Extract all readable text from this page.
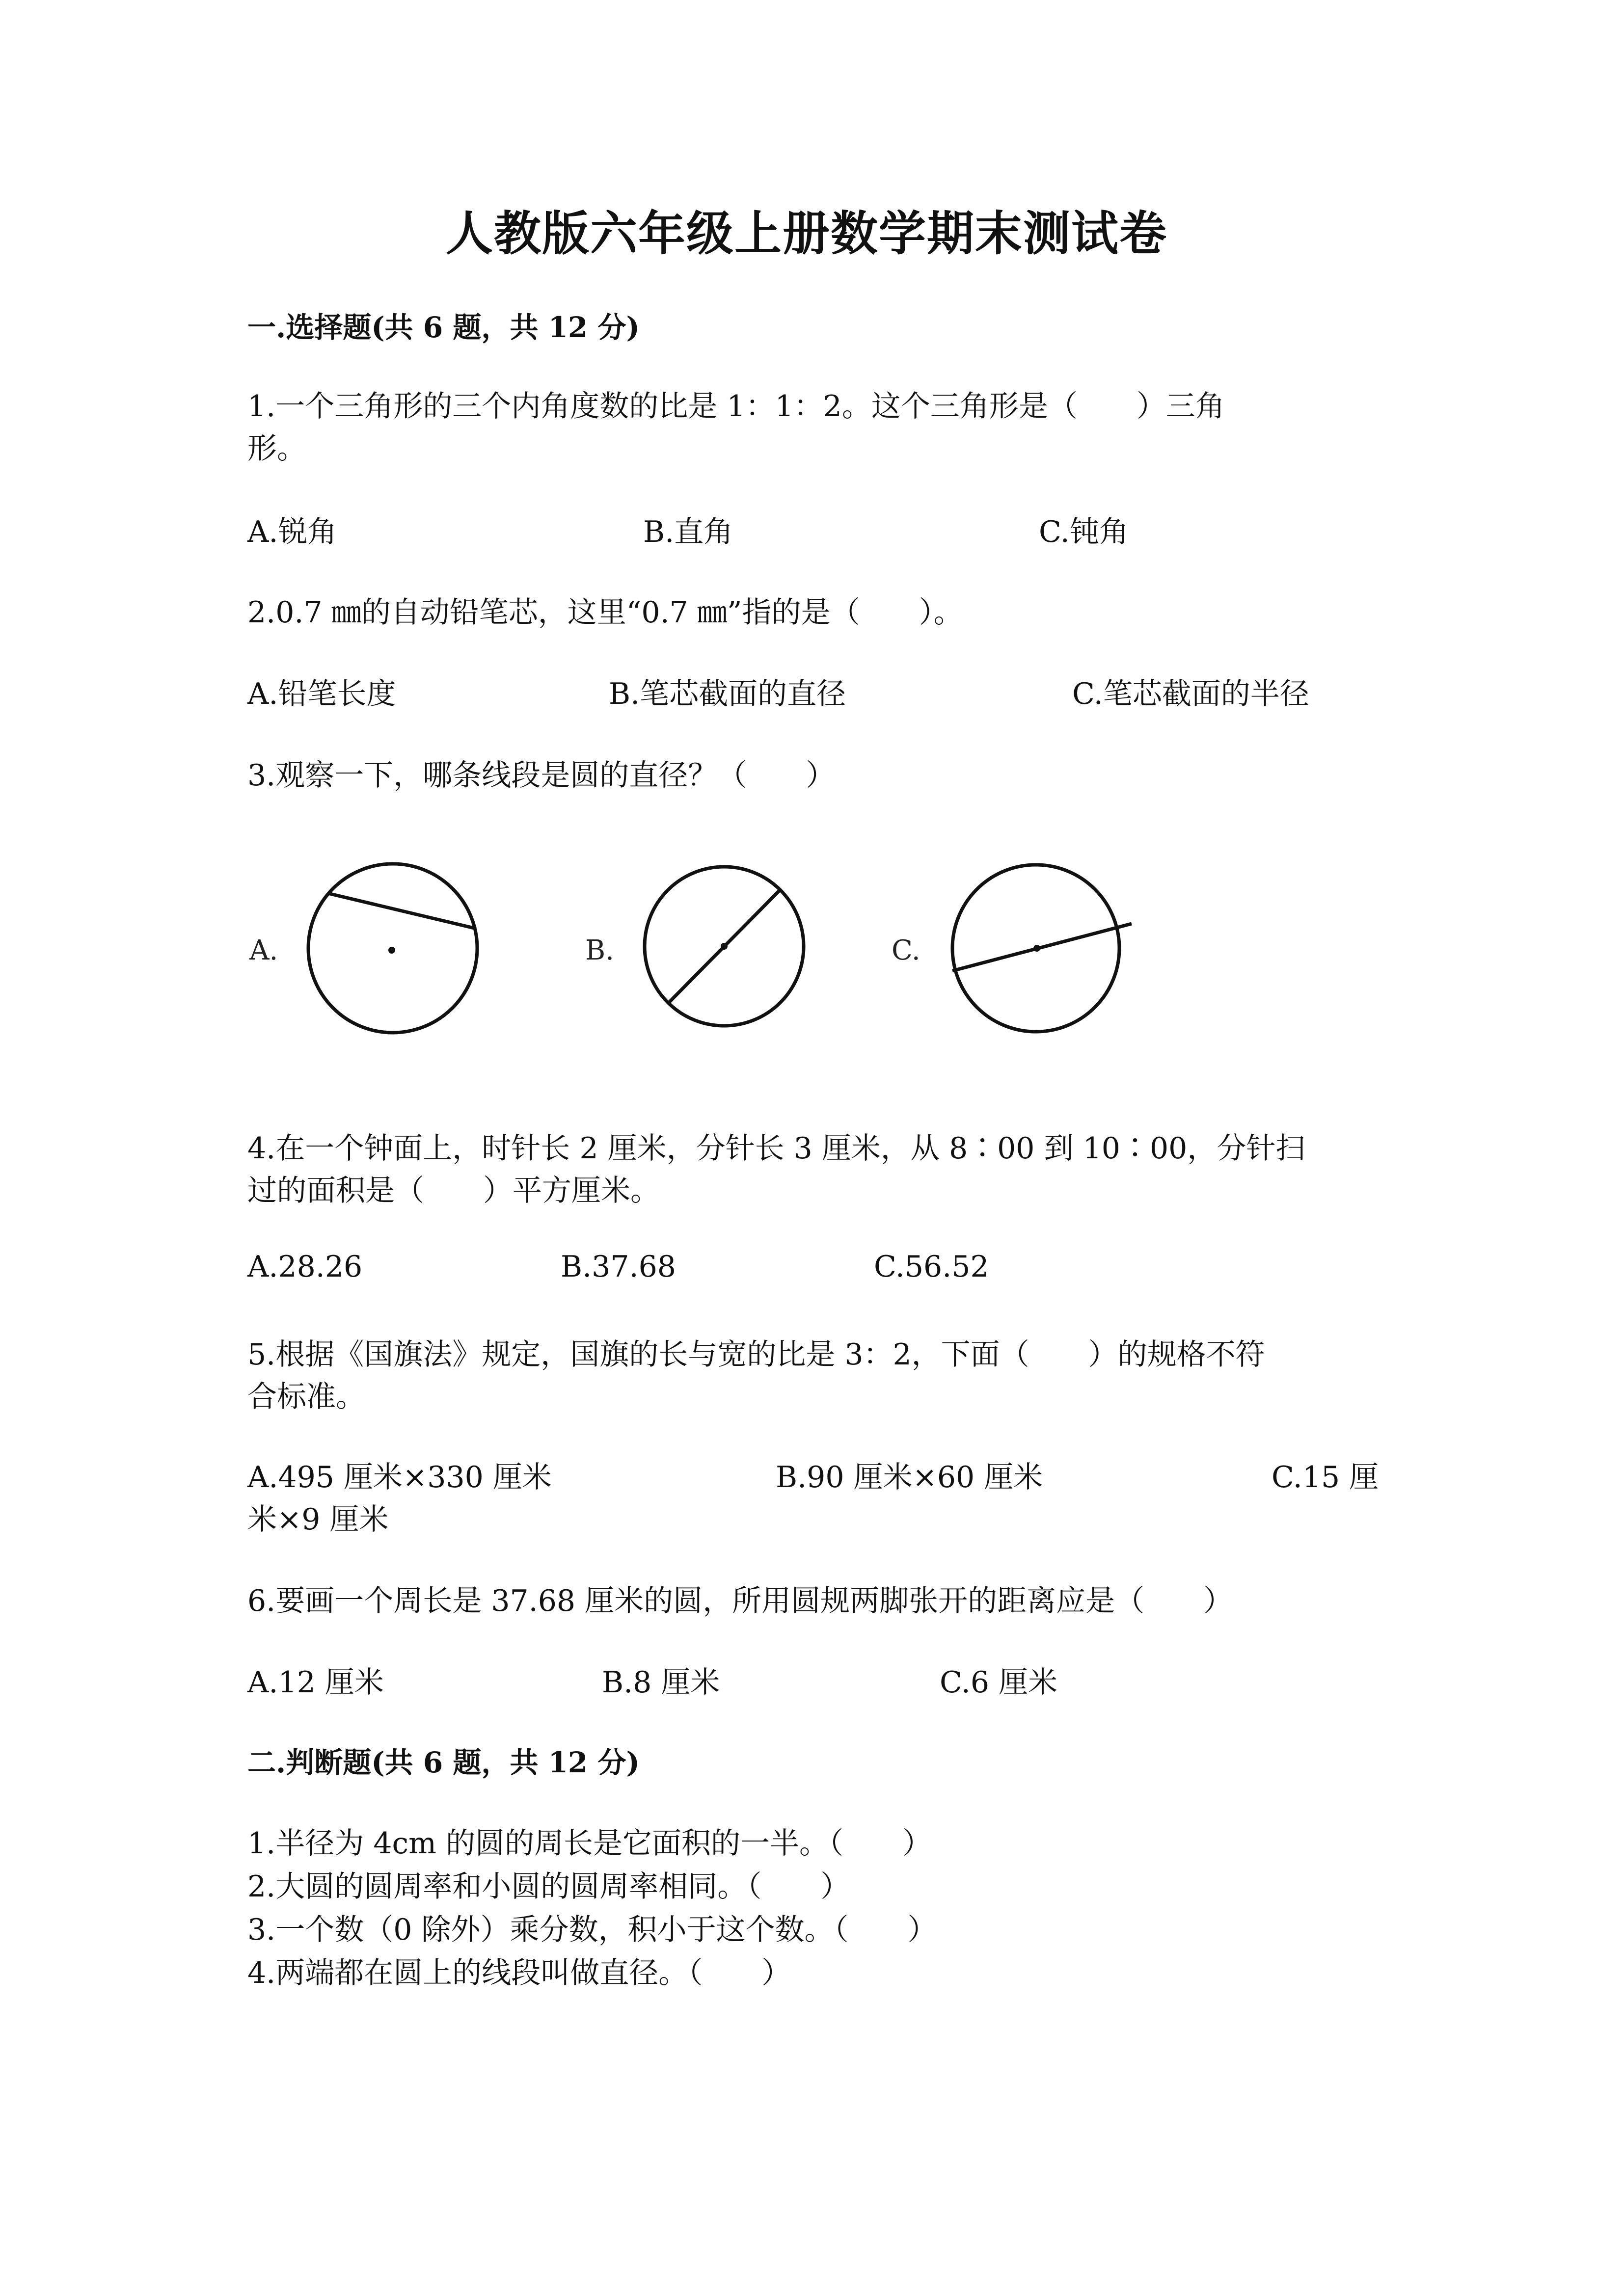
人教版六年级上册数学期末测试卷
一.选择题(共 6 题，共 12 分)
1.一个三角形的三个内角度数的比是 1：1：2。这个三角形是（　　）三角
形。
A.锐角	B.直角	C.钝角
2.0.7 ㎜的自动铅笔芯，这里“0.7 ㎜”指的是（　　）。
A.铅笔长度	B.笔芯截面的直径	C.笔芯截面的半径
3.观察一下，哪条线段是圆的直径？（　　）
A.	B.	C.
4.在一个钟面上，时针长 2 厘米，分针长 3 厘米，从 8∶00 到 10∶00，分针扫
过的面积是（　　）平方厘米。
A.28.26	B.37.68	C.56.52
5.根据《国旗法》规定，国旗的长与宽的比是 3：2，下面（　　）的规格不符
合标准。
A.495 厘米×330 厘米	B.90 厘米×60 厘米	C.15 厘
米×9 厘米
6.要画一个周长是 37.68 厘米的圆，所用圆规两脚张开的距离应是（　　）
A.12 厘米	B.8 厘米	C.6 厘米
二.判断题(共 6 题，共 12 分)
1.半径为 4cm 的圆的周长是它面积的一半。（　　）
2.大圆的圆周率和小圆的圆周率相同。（　　）
3.一个数（0 除外）乘分数，积小于这个数。（　　）
4.两端都在圆上的线段叫做直径。（　　）
